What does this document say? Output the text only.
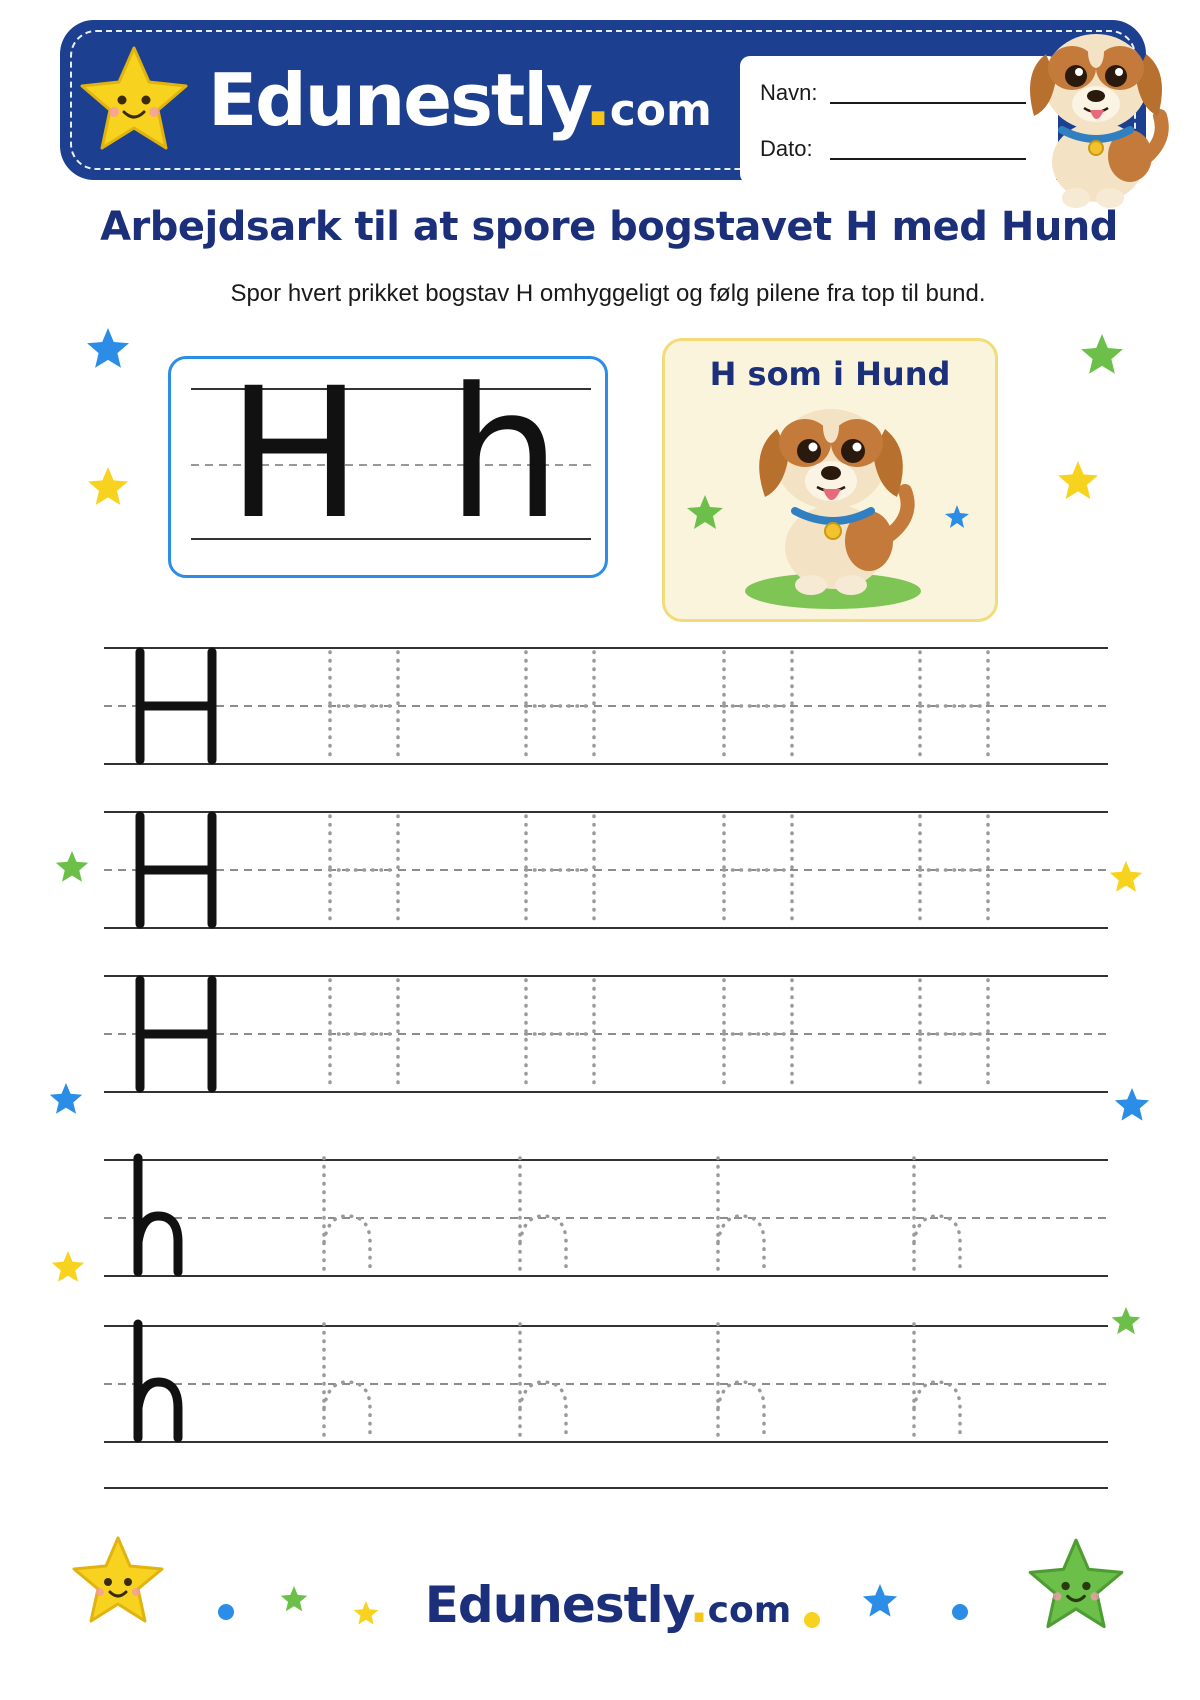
Edunestly.com Navn:
Dato:
Arbejdsark til at spore bogstavet H med Hund
Spor hvert prikket bogstav H omhyggeligt og følg pilene fra top til bund.
H h	H som i Hund
Edunestly.com
